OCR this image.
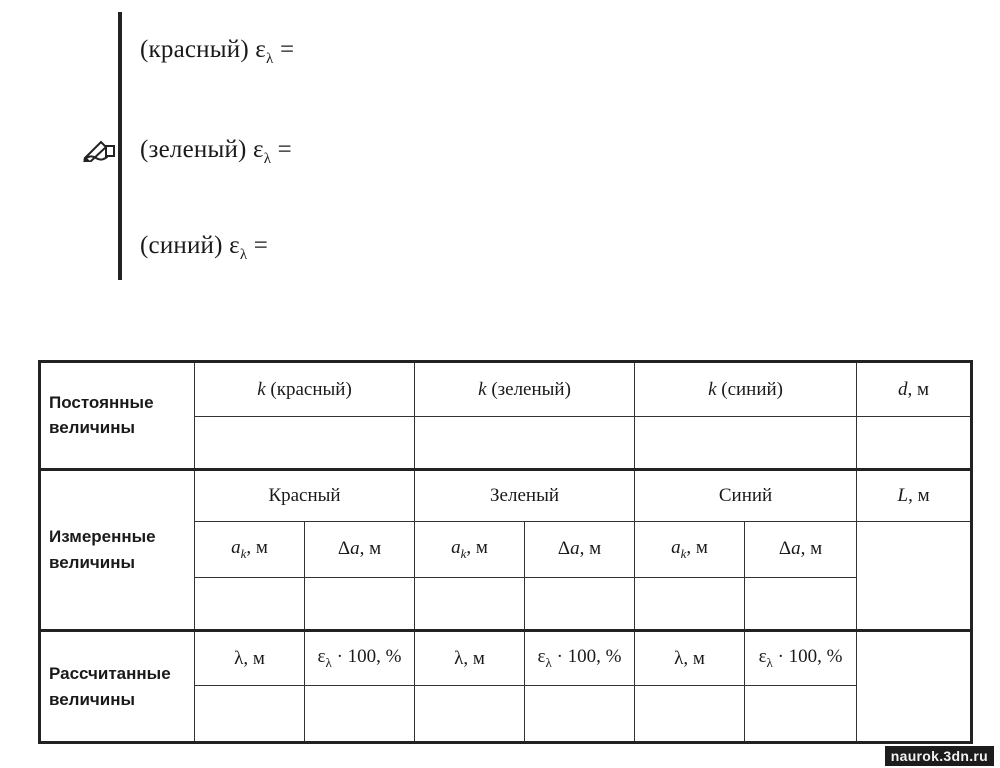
(красный) $\varepsilon_\lambda$ =
(зеленый) $\varepsilon_\lambda$ =
(синий) $\varepsilon_\lambda$ =
Постоянные величины	k (красный)		k (зеленый)		k (синий)		d, м

Измеренные величины	Красный		Зеленый		Синий		L, м
	$a_k$, м	Δa, м	$a_k$, м	Δa, м	$a_k$, м	Δa, м	

Рассчитанные величины	λ, м	$\varepsilon_\lambda \cdot 100$, %	λ, м	$\varepsilon_\lambda \cdot 100$, %	λ, м	$\varepsilon_\lambda \cdot 100$, %	

naurok.3dn.ru
